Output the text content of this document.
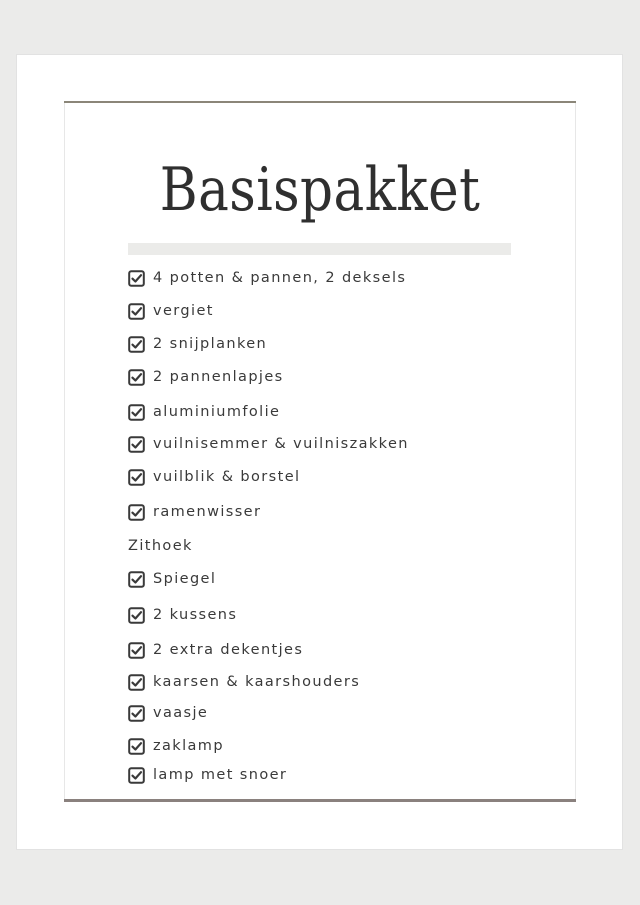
Basispakket
4 potten & pannen, 2 deksels
vergiet
2 snijplanken
2 pannenlapjes
aluminiumfolie
vuilnisemmer & vuilniszakken
vuilblik & borstel
ramenwisser
Zithoek
Spiegel
2 kussens
2 extra dekentjes
kaarsen & kaarshouders
vaasje
zaklamp
lamp met snoer
